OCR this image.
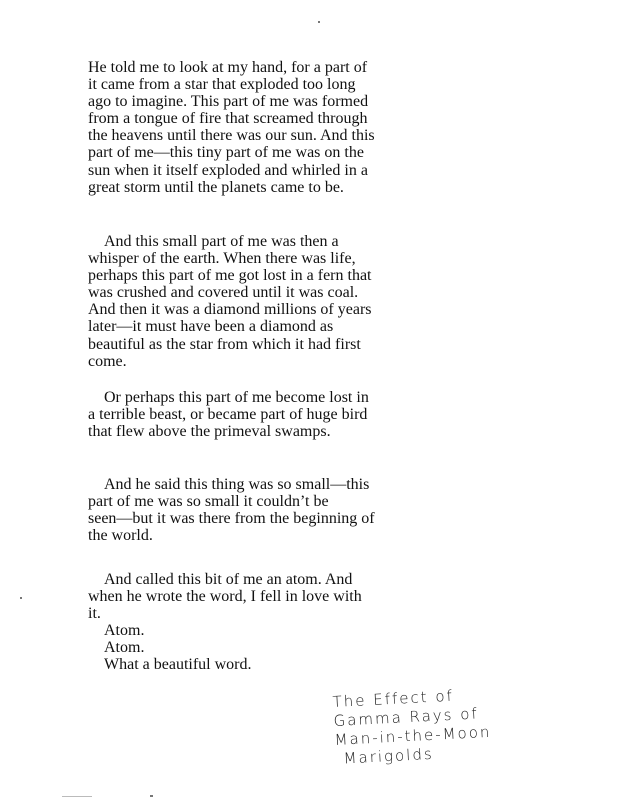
He told me to look at my hand, for a part of
it came from a star that exploded too long
ago to imagine. This part of me was formed
from a tongue of fire that screamed through
the heavens until there was our sun. And this
part of me—this tiny part of me was on the
sun when it itself exploded and whirled in a
great storm until the planets came to be.
And this small part of me was then a
whisper of the earth. When there was life,
perhaps this part of me got lost in a fern that
was crushed and covered until it was coal.
And then it was a diamond millions of years
later—it must have been a diamond as
beautiful as the star from which it had first
come.
Or perhaps this part of me become lost in
a terrible beast, or became part of huge bird
that flew above the primeval swamps.
And he said this thing was so small—this
part of me was so small it couldn’t be
seen—but it was there from the beginning of
the world.
And called this bit of me an atom. And
when he wrote the word, I fell in love with
it.
Atom.
Atom.
What a beautiful word.
The Effect of
Gamma Rays of
Man-in-the-Moon
Marigolds
